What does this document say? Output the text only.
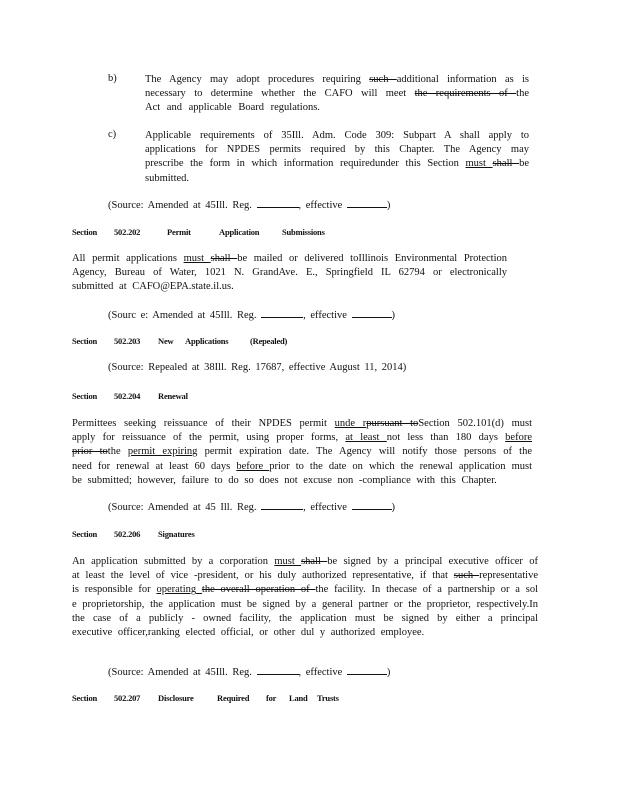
b)	The Agency may adopt procedures requiring such additional information as is necessary to determine whether the CAFO will meet the requirements of the Act and applicable Board regulations.
c)	Applicable requirements of 35Ill. Adm. Code 309: Subpart A shall apply to applications for NPDES permits required by this Chapter. The Agency may prescribe the form in which information requiredunder this Section must shall be submitted.
(Source: Amended at 45Ill. Reg.	, effective	)
Section 502.202	Permit	Application	Submissions
All permit applications must shall be mailed or delivered toIllinois Environmental Protection Agency, Bureau of Water, 1021 N. GrandAve. E., Springfield IL 62794 or electronically submitted at CAFO@EPA.state.il.us.
(Sourc e: Amended at 45Ill. Reg.	, effective	)
Section 502.203 New Applications	(Repealed)
(Source: Repealed at 38Ill. Reg. 17687, effective August 11, 2014)
Section 502.204 Renewal
Permittees seeking reissuance of their NPDES permit unde rpursuant toSection 502.101(d) must apply for reissuance of the permit, using proper forms, at least not less than 180 days before prior tothe permit expiring permit expiration date. The Agency will notify those persons of the need for renewal at least 60 days before prior to the date on which the renewal application must be submitted; however, failure to do so does not excuse non -compliance with this Chapter.
(Source: Amended at 45 Ill. Reg.	, effective	)
Section 502.206 Signatures
An application submitted by a corporation must shall be signed by a principal executive officer of at least the level of vice -president, or his duly authorized representative, if that such representative is responsible for operating the overall operation of the facility. In thecase of a partnership or a sol e proprietorship, the application must be signed by a general partner or the proprietor, respectively.In the case of a publicly - owned facility, the application must be signed by either a principal executive officer,ranking elected official, or other dul y authorized employee.
(Source: Amended at 45Ill. Reg.	, effective	)
Section 502.207 Disclosure	Required for Land Trusts
